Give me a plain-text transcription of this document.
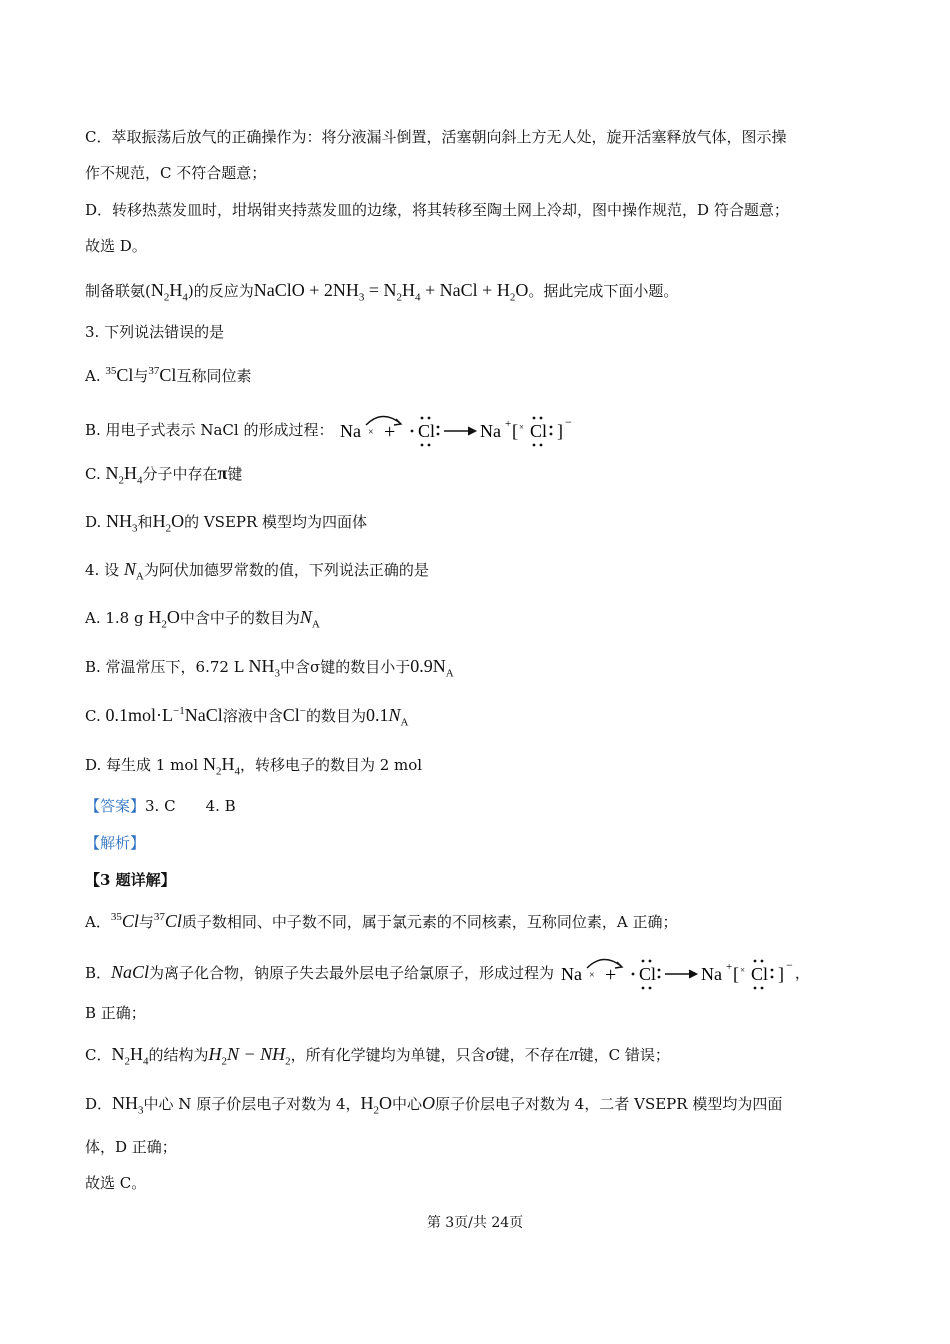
C．萃取振荡后放气的正确操作为：将分液漏斗倒置，活塞朝向斜上方无人处，旋开活塞释放气体，图示操
作不规范，C 不符合题意；
D．转移热蒸发皿时，坩埚钳夹持蒸发皿的边缘，将其转移至陶土网上冷却，图中操作规范，D 符合题意；
故选 D。
制备联氨$(N_2H_4)$的反应为NaClO + $2NH_3 = N_2H_4$ + NaCl + $H_2O$。据此完成下面小题。
3. 下列说法错误的是
A. $^{35}$Cl与$^{37}$Cl互称同位素
B. 用电子式表示 NaCl 的形成过程： Na × + Cl Na + [ × Cl ] −
C. $N_2H_4$分子中存在π键
D. $NH_3$和$H_2O$的 VSEPR 模型均为四面体
4. 设 $N_A$为阿伏加德罗常数的值，下列说法正确的是
A. 1.8 g $H_2O$中含中子的数目为$N_A$
B. 常温常压下，6.72 L $NH_3$中含σ键的数目小于$0.9N_A$
C. $0.1mol\cdot L^{-1}NaCl$溶液中含Cl−的数目为$0.1N_A$
D. 每生成 1 mol $N_2H_4$，转移电子的数目为 2 mol
【答案】3. C 4. B
【解析】
【3 题详解】
A．$^{35}$Cl与$^{37}$Cl质子数相同、中子数不同，属于氯元素的不同核素，互称同位素，A 正确；
B．NaCl为离子化合物，钠原子失去最外层电子给氯原子，形成过程为 Na × + Cl Na + [ × Cl ] − ，
B 正确；
C．$N_2H_4$的结构为$H_2N - NH_2$，所有化学键均为单键，只含σ键，不存在π键，C 错误；
D．$NH_3$中心 N 原子价层电子对数为 4，$H_2O$中心O原子价层电子对数为 4，二者 VSEPR 模型均为四面
体，D 正确；
故选 C。
第 3页/共 24页
